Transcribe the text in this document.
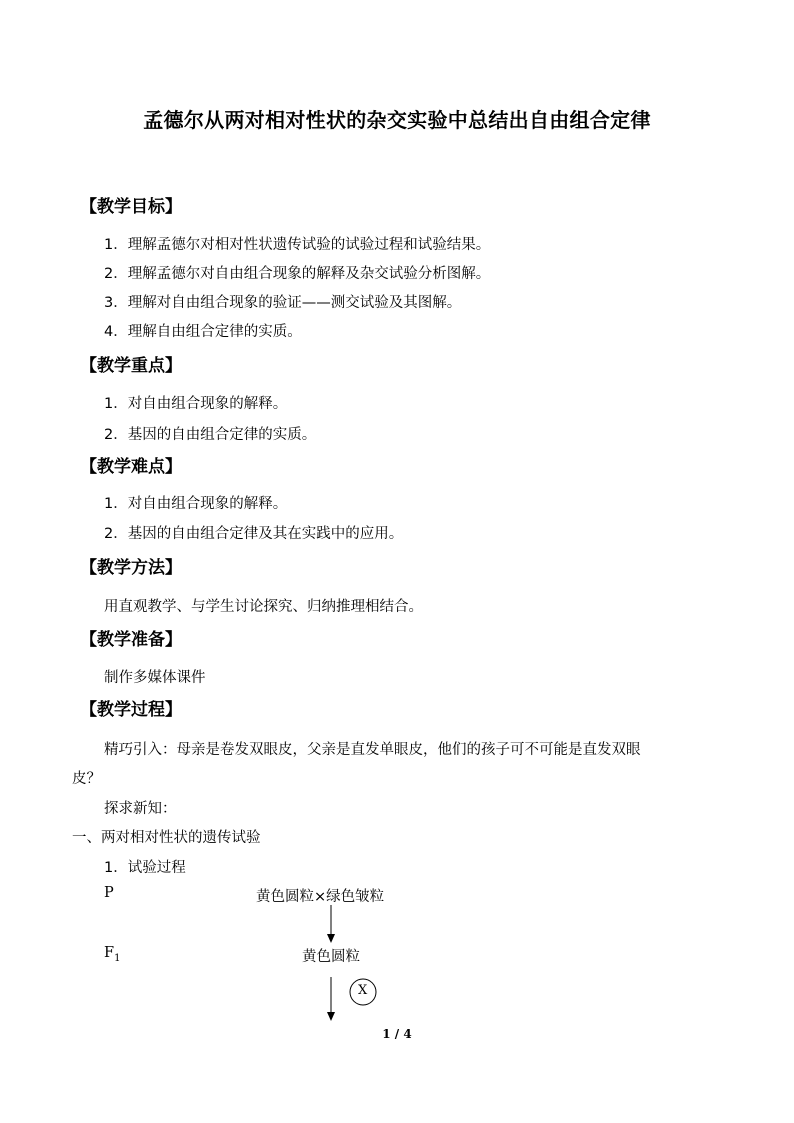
孟德尔从两对相对性状的杂交实验中总结出自由组合定律
【教学目标】
1．理解孟德尔对相对性状遗传试验的试验过程和试验结果。
2．理解孟德尔对自由组合现象的解释及杂交试验分析图解。
3．理解对自由组合现象的验证——测交试验及其图解。
4．理解自由组合定律的实质。
【教学重点】
1．对自由组合现象的解释。
2．基因的自由组合定律的实质。
【教学难点】
1．对自由组合现象的解释。
2．基因的自由组合定律及其在实践中的应用。
【教学方法】
用直观教学、与学生讨论探究、归纳推理相结合。
【教学准备】
制作多媒体课件
【教学过程】
精巧引入：母亲是卷发双眼皮，父亲是直发单眼皮，他们的孩子可不可能是直发双眼
皮？
探求新知：
一、两对相对性状的遗传试验
1．试验过程
P	黄色圆粒×绿色皱粒
$F_1$	黄色圆粒
X
1 / 4
